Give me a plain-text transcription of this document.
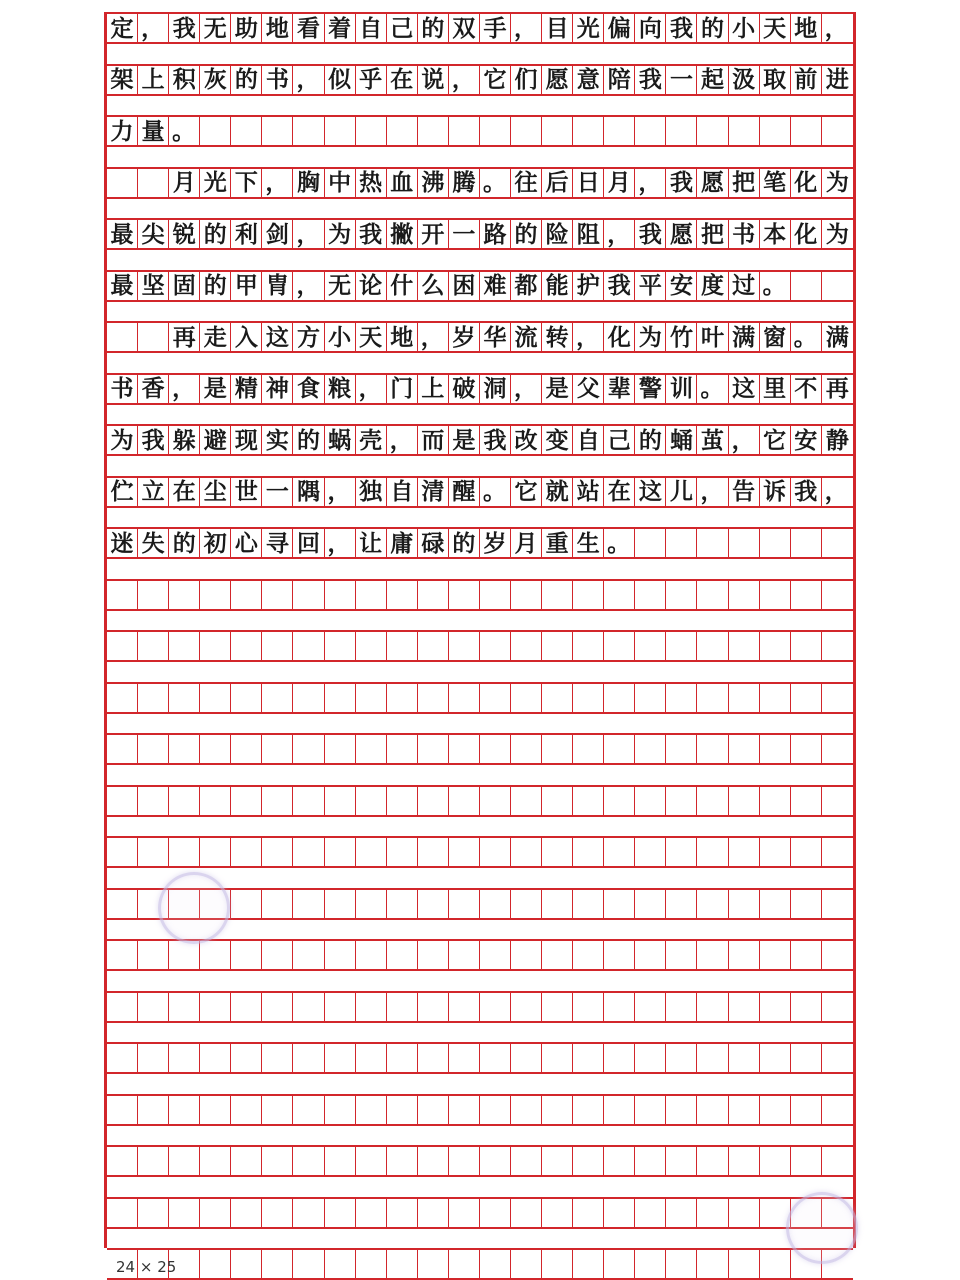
定 ， 我 无 助 地 看 着 自 己 的 双 手 ， 目 光 偏 向 我 的 小 天 地 ，
架 上 积 灰 的 书 ， 似 乎 在 说 ， 它 们 愿 意 陪 我 一 起 汲 取 前 进
力 量 。
月 光 下 ， 胸 中 热 血 沸 腾 。 往 后 日 月 ， 我 愿 把 笔 化 为
最 尖 锐 的 利 剑 ， 为 我 撇 开 一 路 的 险 阻 ， 我 愿 把 书 本 化 为
最 坚 固 的 甲 胄 ， 无 论 什 么 困 难 都 能 护 我 平 安 度 过 。
再 走 入 这 方 小 天 地 ， 岁 华 流 转 ， 化 为 竹 叶 满 窗 。 满
书 香 ， 是 精 神 食 粮 ， 门 上 破 洞 ， 是 父 辈 警 训 。 这 里 不 再
为 我 躲 避 现 实 的 蜗 壳 ， 而 是 我 改 变 自 己 的 蛹 茧 ， 它 安 静
伫 立 在 尘 世 一 隅 ， 独 自 清 醒 。 它 就 站 在 这 儿 ， 告 诉 我 ，
迷 失 的 初 心 寻 回 ， 让 庸 碌 的 岁 月 重 生 。
24 × 25
